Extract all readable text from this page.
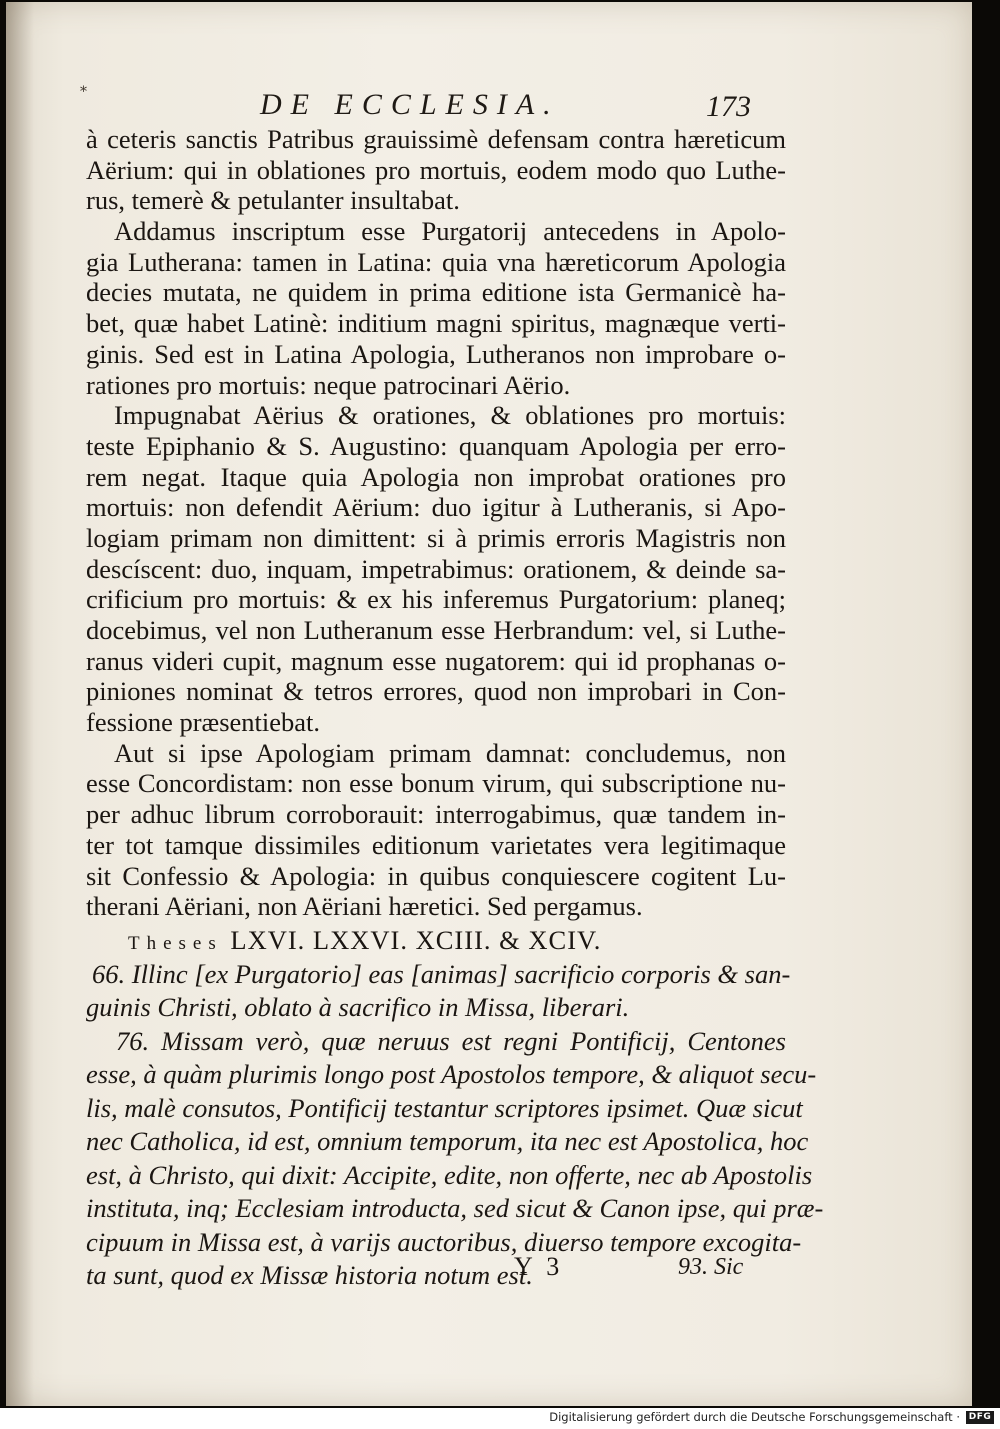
*	DE ECCLESIA.	173
à ceteris sanctis Patribus grauissimè defensam contra hæreticum
Aërium: qui in oblationes pro mortuis, eodem modo quo Luthe-
rus, temerè & petulanter insultabat.
Addamus inscriptum esse Purgatorij antecedens in Apolo-
gia Lutherana: tamen in Latina: quia vna hæreticorum Apologia
decies mutata, ne quidem in prima editione ista Germanicè ha-
bet, quæ habet Latinè: inditium magni spiritus, magnæque verti-
ginis. Sed est in Latina Apologia, Lutheranos non improbare o-
rationes pro mortuis: neque patrocinari Aërio.
Impugnabat Aërius & orationes, & oblationes pro mortuis:
teste Epiphanio & S. Augustino: quanquam Apologia per erro-
rem negat. Itaque quia Apologia non improbat orationes pro
mortuis: non defendit Aërium: duo igitur à Lutheranis, si Apo-
logiam primam non dimittent: si à primis erroris Magistris non
descíscent: duo, inquam, impetrabimus: orationem, & deinde sa-
crificium pro mortuis: & ex his inferemus Purgatorium: planeq;
docebimus, vel non Lutheranum esse Herbrandum: vel, si Luthe-
ranus videri cupit, magnum esse nugatorem: qui id prophanas o-
piniones nominat & tetros errores, quod non improbari in Con-
fessione præsentiebat.
Aut si ipse Apologiam primam damnat: concludemus, non
esse Concordistam: non esse bonum virum, qui subscriptione nu-
per adhuc librum corroborauit: interrogabimus, quæ tandem in-
ter tot tamque dissimiles editionum varietates vera legitimaque
sit Confessio & Apologia: in quibus conquiescere cogitent Lu-
therani Aëriani, non Aëriani hæretici. Sed pergamus.
Theses LXVI. LXXVI. XCIII. & XCIV.
66. Illinc [ex Purgatorio] eas [animas] sacrificio corporis & san-
guinis Christi, oblato à sacrifico in Missa, liberari.
76. Missam verò, quæ neruus est regni Pontificij, Centones
esse, à quàm plurimis longo post Apostolos tempore, & aliquot secu-
lis, malè consutos, Pontificij testantur scriptores ipsimet. Quæ sicut
nec Catholica, id est, omnium temporum, ita nec est Apostolica, hoc
est, à Christo, qui dixit: Accipite, edite, non offerte, nec ab Apostolis
instituta, inq; Ecclesiam introducta, sed sicut & Canon ipse, qui præ-
cipuum in Missa est, à varijs auctoribus, diuerso tempore excogita-
ta sunt, quod ex Missæ historia notum est.
Y 3	93. Sic
Digitalisierung gefördert durch die Deutsche Forschungsgemeinschaft · DFG
